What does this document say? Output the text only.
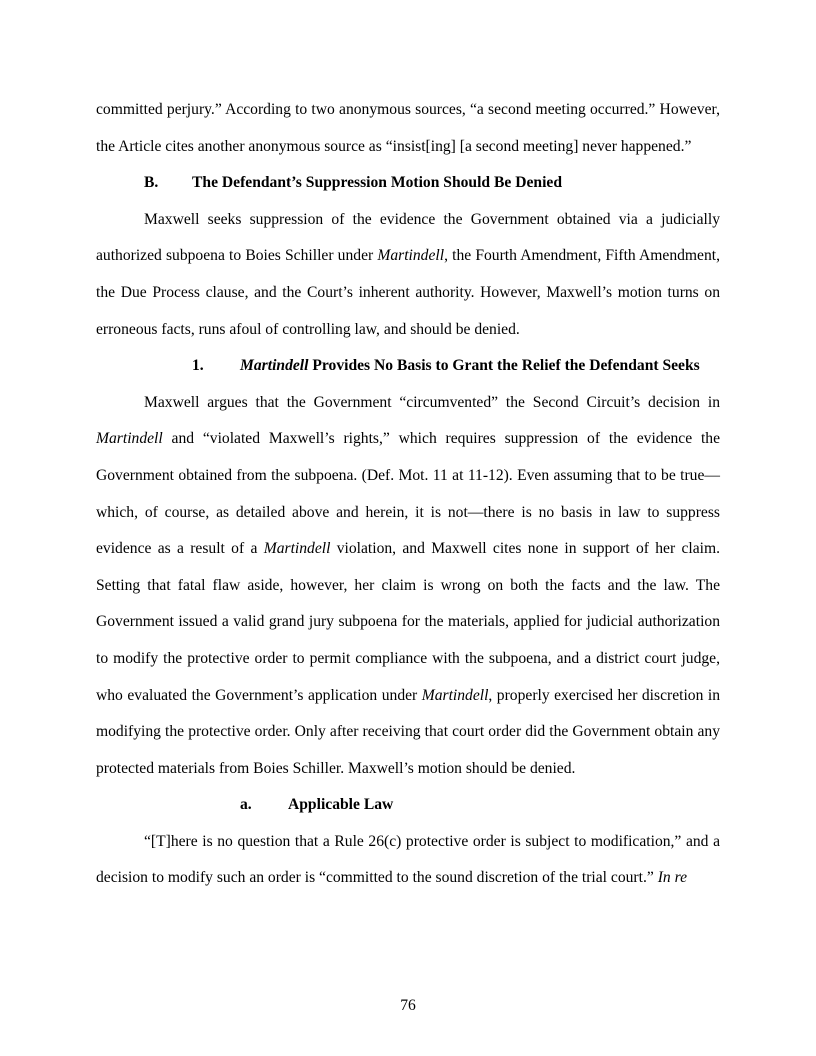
committed perjury.” According to two anonymous sources, “a second meeting occurred.” However, the Article cites another anonymous source as “insist[ing] [a second meeting] never happened.”

B. The Defendant’s Suppression Motion Should Be Denied

Maxwell seeks suppression of the evidence the Government obtained via a judicially authorized subpoena to Boies Schiller under Martindell, the Fourth Amendment, Fifth Amendment, the Due Process clause, and the Court’s inherent authority. However, Maxwell’s motion turns on erroneous facts, runs afoul of controlling law, and should be denied.

1. Martindell Provides No Basis to Grant the Relief the Defendant Seeks

Maxwell argues that the Government “circumvented” the Second Circuit’s decision in Martindell and “violated Maxwell’s rights,” which requires suppression of the evidence the Government obtained from the subpoena. (Def. Mot. 11 at 11-12). Even assuming that to be true—which, of course, as detailed above and herein, it is not—there is no basis in law to suppress evidence as a result of a Martindell violation, and Maxwell cites none in support of her claim. Setting that fatal flaw aside, however, her claim is wrong on both the facts and the law. The Government issued a valid grand jury subpoena for the materials, applied for judicial authorization to modify the protective order to permit compliance with the subpoena, and a district court judge, who evaluated the Government’s application under Martindell, properly exercised her discretion in modifying the protective order. Only after receiving that court order did the Government obtain any protected materials from Boies Schiller. Maxwell’s motion should be denied.

a. Applicable Law

“[T]here is no question that a Rule 26(c) protective order is subject to modification,” and a decision to modify such an order is “committed to the sound discretion of the trial court.” In re

76
